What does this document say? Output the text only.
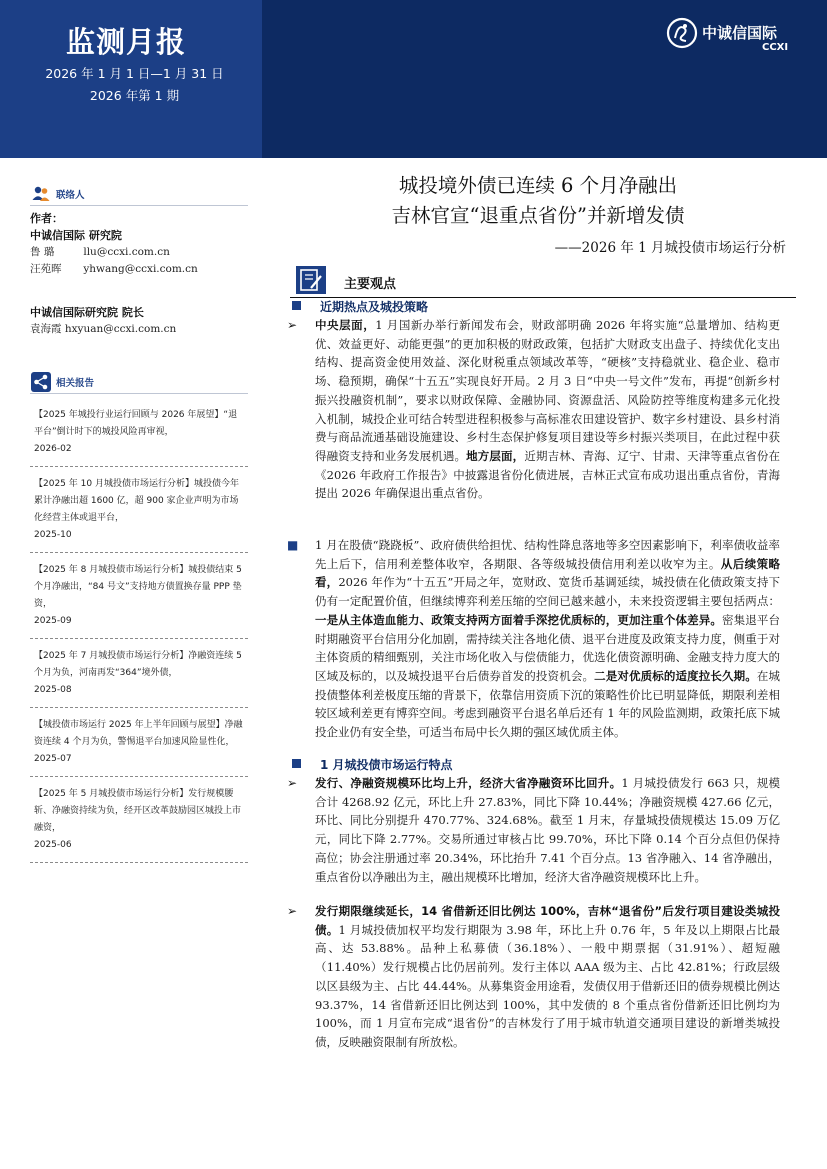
监测月报
2026 年 1 月 1 日—1 月 31 日
2026 年第 1 期
中诚信国际
CCXI
联络人
作者：
中诚信国际 研究院
鲁 璐	llu@ccxi.com.cn
汪苑晖 yhwang@ccxi.com.cn
中诚信国际研究院 院长
袁海霞 hxyuan@ccxi.com.cn
相关报告
【2025 年城投行业运行回顾与 2026 年展望】“退平台”倒计时下的城投风险再审视，
2026-02
【2025 年 10 月城投债市场运行分析】城投债今年累计净融出超 1600 亿，超 900 家企业声明为市场化经营主体或退平台，
2025-10
【2025 年 8 月城投债市场运行分析】城投债结束 5 个月净融出，“84 号文”支持地方债置换存量 PPP 垫资，
2025-09
【2025 年 7 月城投债市场运行分析】净融资连续 5 个月为负，河南再发“364”境外债，
2025-08
【城投债市场运行 2025 年上半年回顾与展望】净融资连续 4 个月为负，警惕退平台加速风险显性化，
2025-07
【2025 年 5 月城投债市场运行分析】发行规模腰斩、净融资持续为负，经开区改革鼓励园区城投上市融资，
2025-06
城投境外债已连续 6 个月净融出
吉林官宣“退重点省份”并新增发债
——2026 年 1 月城投债市场运行分析
主要观点
近期热点及城投策略
➢ 中央层面，1 月国新办举行新闻发布会，财政部明确 2026 年将实施“总量增加、结构更优、效益更好、动能更强”的更加积极的财政政策，包括扩大财政支出盘子、持续优化支出结构、提高资金使用效益、深化财税重点领域改革等，“硬核”支持稳就业、稳企业、稳市场、稳预期，确保“十五五”实现良好开局。2 月 3 日“中央一号文件”发布，再提“创新乡村振兴投融资机制”，要求以财政保障、金融协同、资源盘活、风险防控等维度构建多元化投入机制，城投企业可结合转型进程积极参与高标准农田建设管护、数字乡村建设、县乡村消费与商品流通基础设施建设、乡村生态保护修复项目建设等乡村振兴类项目，在此过程中获得融资支持和业务发展机遇。地方层面，近期吉林、青海、辽宁、甘肃、天津等重点省份在《2026 年政府工作报告》中披露退省份化债进展，吉林正式宣布成功退出重点省份，青海提出 2026 年确保退出重点省份。
■ 1 月在股债“跷跷板”、政府债供给担忧、结构性降息落地等多空因素影响下，利率债收益率先上后下，信用利差整体收窄，各期限、各等级城投债信用利差以收窄为主。从后续策略看，2026 年作为“十五五”开局之年，宽财政、宽货币基调延续，城投债在化债政策支持下仍有一定配置价值，但继续博弈利差压缩的空间已越来越小，未来投资逻辑主要包括两点：一是从主体造血能力、政策支持两方面着手深挖优质标的，更加注重个体差异。密集退平台时期融资平台信用分化加剧，需持续关注各地化债、退平台进度及政策支持力度，侧重于对主体资质的精细甄别，关注市场化收入与偿债能力，优选化债资源明确、金融支持力度大的区域及标的，以及城投退平台后债券首发的投资机会。二是对优质标的适度拉长久期。在城投债整体利差极度压缩的背景下，依靠信用资质下沉的策略性价比已明显降低，期限利差相较区域利差更有博弈空间。考虑到融资平台退名单后还有 1 年的风险监测期，政策托底下城投企业仍有安全垫，可适当布局中长久期的强区域优质主体。
1 月城投债市场运行特点
➢ 发行、净融资规模环比均上升，经济大省净融资环比回升。1 月城投债发行 663 只，规模合计 4268.92 亿元，环比上升 27.83%，同比下降 10.44%；净融资规模 427.66 亿元，环比、同比分别提升 470.77%、324.68%。截至 1 月末，存量城投债规模达 15.09 万亿元，同比下降 2.77%。交易所通过审核占比 99.70%，环比下降 0.14 个百分点但仍保持高位；协会注册通过率 20.34%，环比抬升 7.41 个百分点。13 省净融入、14 省净融出，重点省份以净融出为主，融出规模环比增加，经济大省净融资规模环比上升。
➢ 发行期限继续延长，14 省借新还旧比例达 100%，吉林“退省份”后发行项目建设类城投债。1 月城投债加权平均发行期限为 3.98 年，环比上升 0.76 年，5 年及以上期限占比最高、达 53.88%。品种上私募债（36.18%）、一般中期票据（31.91%）、超短融（11.40%）发行规模占比仍居前列。发行主体以 AAA 级为主、占比 42.81%；行政层级以区县级为主、占比 44.44%。从募集资金用途看，发债仅用于借新还旧的债券规模比例达 93.37%，14 省借新还旧比例达到 100%，其中发债的 8 个重点省份借新还旧比例均为 100%，而 1 月宣布完成“退省份”的吉林发行了用于城市轨道交通项目建设的新增类城投债，反映融资限制有所放松。
